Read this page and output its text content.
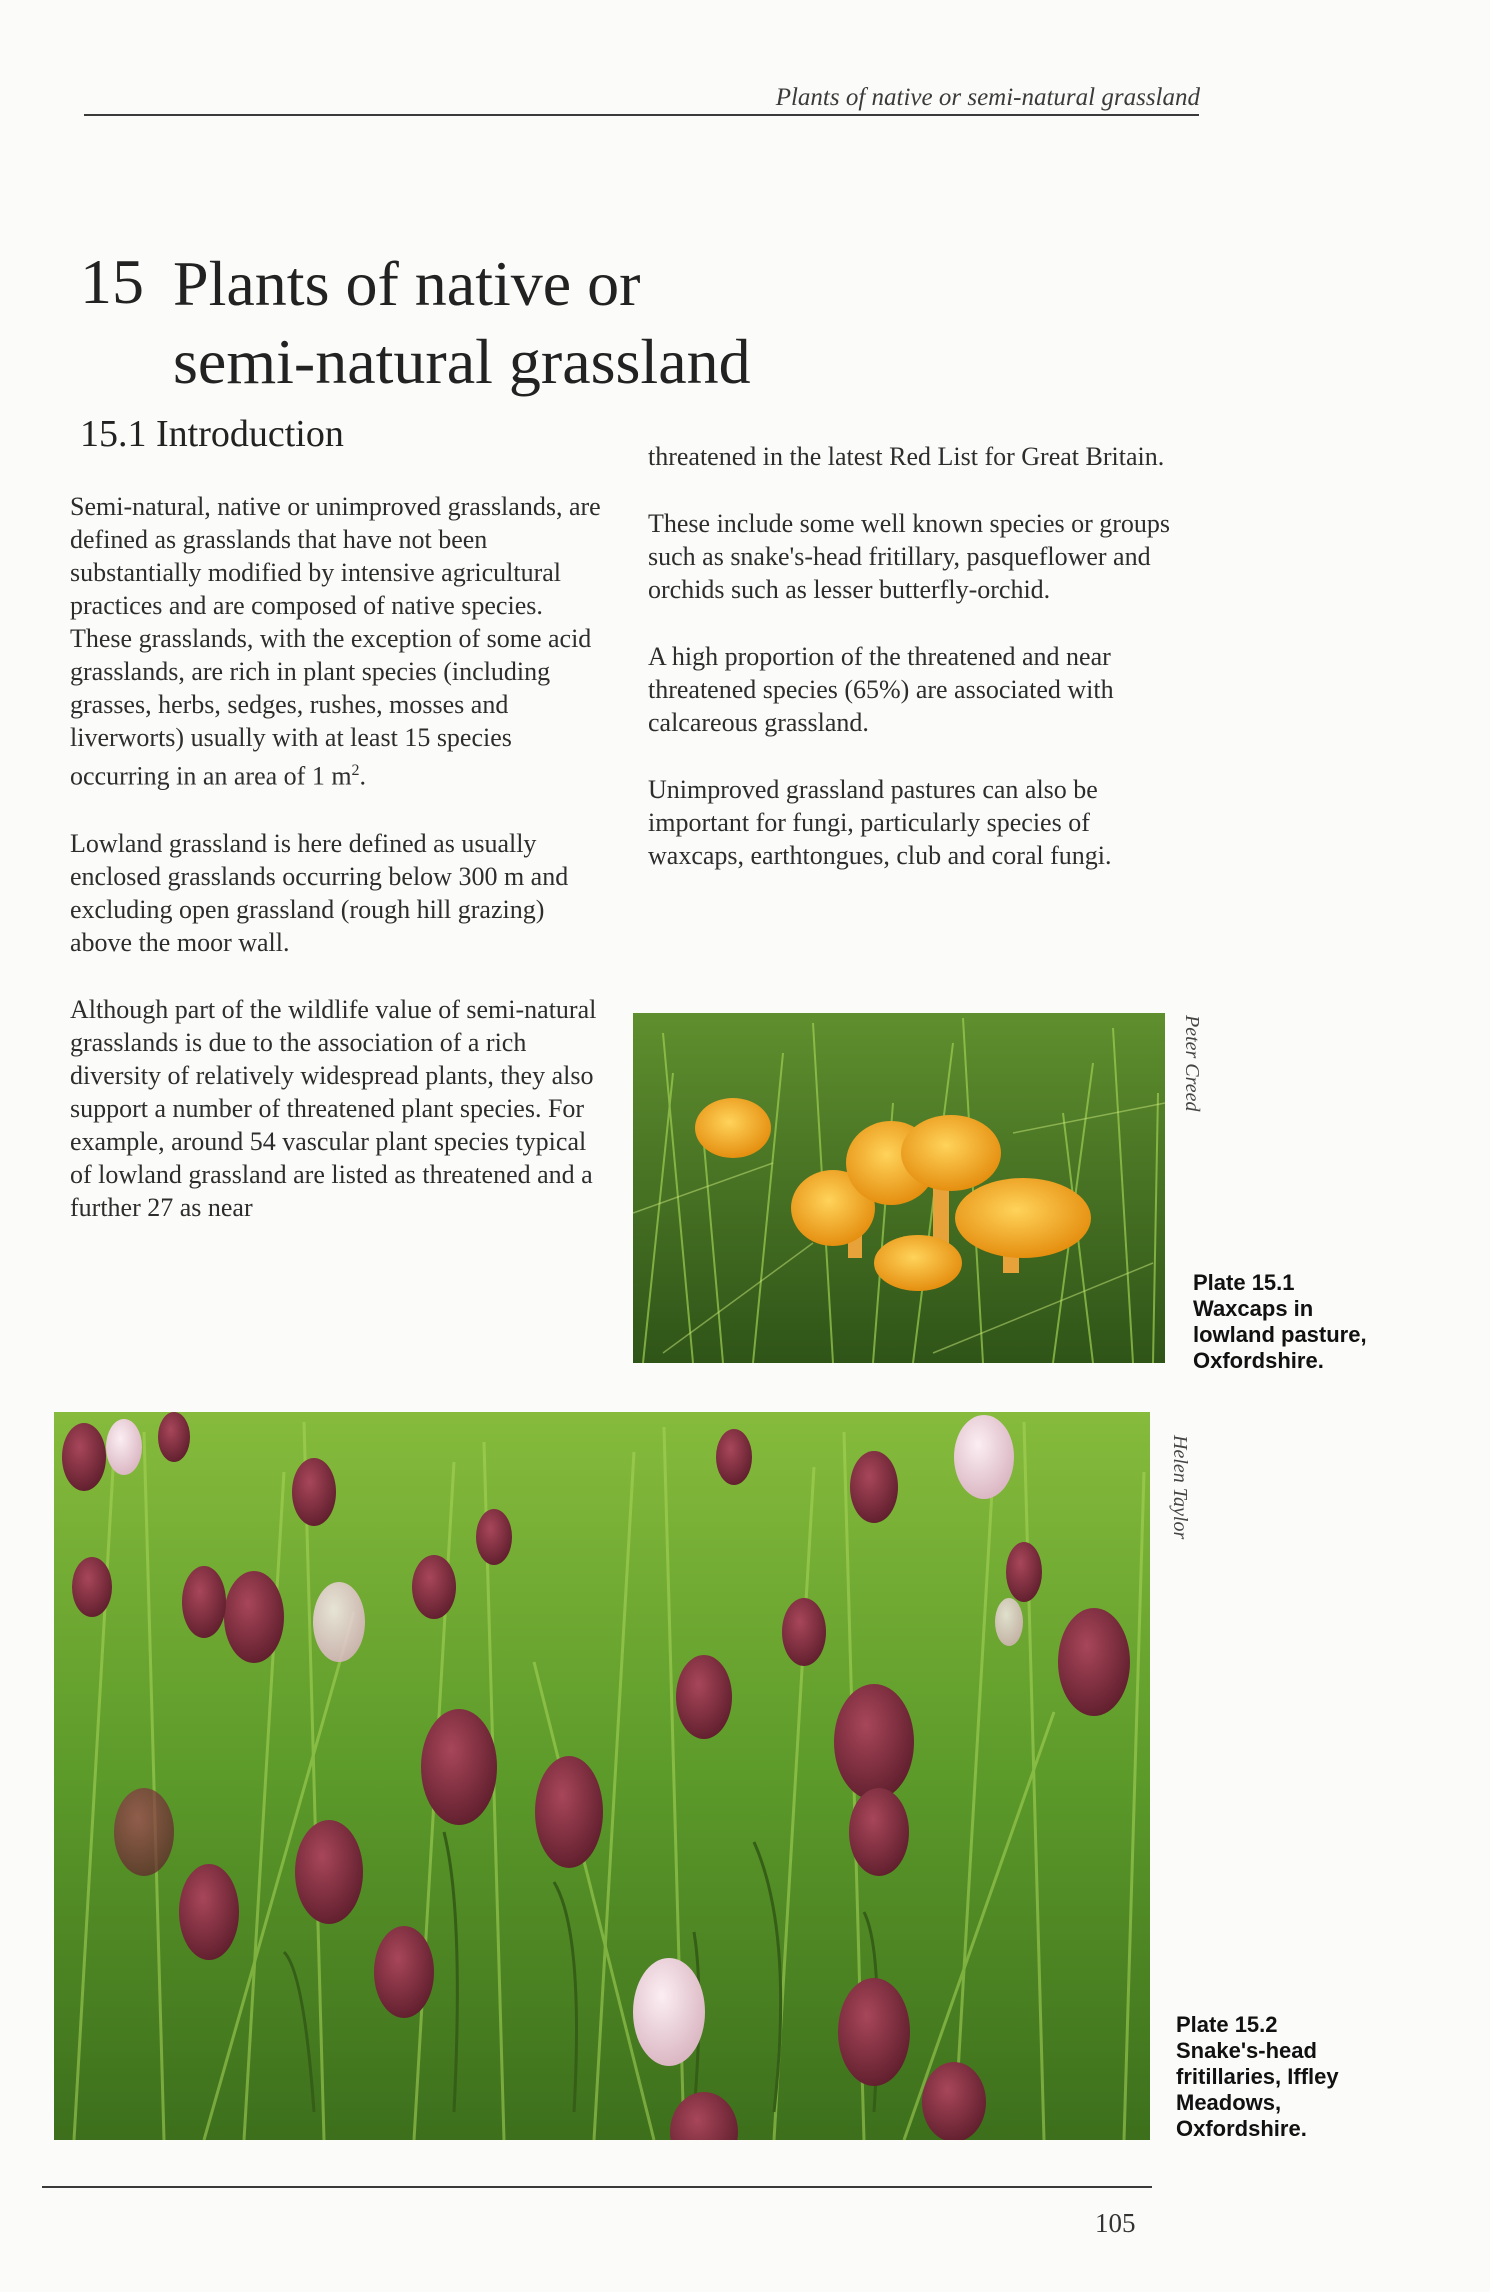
Plants of native or semi-natural grassland
15 Plants of native or
semi-natural grassland
15.1 Introduction

Semi-natural, native or unimproved grasslands, are defined as grasslands that have not been substantially modified by intensive agricultural practices and are composed of native species. These grasslands, with the exception of some acid grasslands, are rich in plant species (including grasses, herbs, sedges, rushes, mosses and liverworts) usually with at least 15 species occurring in an area of 1 $m^2$.

Lowland grassland is here defined as usually enclosed grasslands occurring below 300 m and excluding open grassland (rough hill grazing) above the moor wall.

Although part of the wildlife value of semi-natural grasslands is due to the association of a rich diversity of relatively widespread plants, they also support a number of threatened plant species. For example, around 54 vascular plant species typical of lowland grassland are listed as threatened and a further 27 as near

threatened in the latest Red List for Great Britain.

These include some well known species or groups such as snake's-head fritillary, pasqueflower and orchids such as lesser butterfly-orchid.

A high proportion of the threatened and near threatened species (65%) are associated with calcareous grassland.

Unimproved grassland pastures can also be important for fungi, particularly species of waxcaps, earthtongues, club and coral fungi.

Peter Creed
Plate 15.1
Waxcaps in
lowland pasture,
Oxfordshire.
Helen Taylor
Plate 15.2
Snake's-head
fritillaries, Iffley
Meadows,
Oxfordshire.
105
